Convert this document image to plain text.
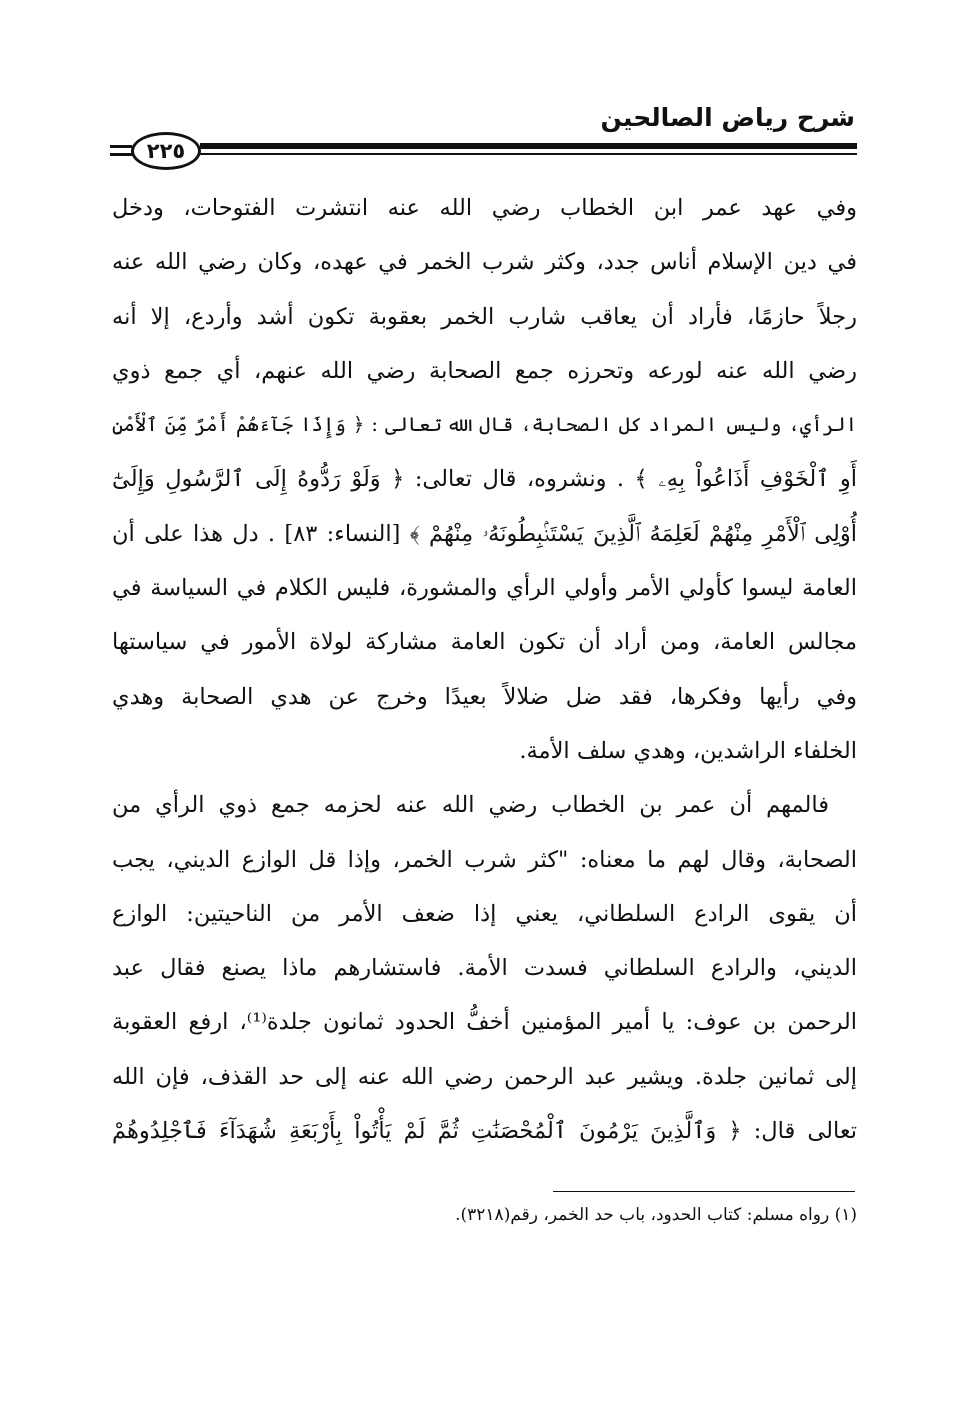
شرح رياض الصالحين
٢٢٥
وفي عهد عمر ابن الخطاب رضي الله عنه انتشرت الفتوحات، ودخل
في دين الإسلام أناس جدد، وكثر شرب الخمر في عهده، وكان رضي الله عنه
رجلاً حازمًا، فأراد أن يعاقب شارب الخمر بعقوبة تكون أشد وأردع، إلا أنه
رضي الله عنه لورعه وتحرزه جمع الصحابة رضي الله عنهم، أي جمع ذوي
الرأي، وليس المراد كل الصحابة، قال الله تعالى : ﴿ وَإِذَا جَآءَهُمْ أَمْرٌ مِّنَ ٱلْأَمْنِ
أَوِ ٱلْخَوْفِ أَذَاعُواْ بِهِۦ ﴾ . ونشروه، قال تعالى: ﴿ وَلَوْ رَدُّوهُ إِلَى ٱلرَّسُولِ وَإِلَىٰٓ
أُوْلِى ٱلْأَمْرِ مِنْهُمْ لَعَلِمَهُ ٱلَّذِينَ يَسْتَنۢبِطُونَهُۥ مِنْهُمْ ﴾ [النساء: ٨٣] . دل هذا على أن
العامة ليسوا كأولي الأمر وأولي الرأي والمشورة، فليس الكلام في السياسة في
مجالس العامة، ومن أراد أن تكون العامة مشاركة لولاة الأمور في سياستها
وفي رأيها وفكرها، فقد ضل ضلالاً بعيدًا وخرج عن هدي الصحابة وهدي
الخلفاء الراشدين، وهدي سلف الأمة.
فالمهم أن عمر بن الخطاب رضي الله عنه لحزمه جمع ذوي الرأي من
الصحابة، وقال لهم ما معناه: "كثر شرب الخمر، وإذا قل الوازع الديني، يجب
أن يقوى الرادع السلطاني، يعني إذا ضعف الأمر من الناحيتين: الوازع
الديني، والرادع السلطاني فسدت الأمة. فاستشارهم ماذا يصنع فقال عبد
الرحمن بن عوف: يا أمير المؤمنين أخفُّ الحدود ثمانون جلدة⁽¹⁾، ارفع العقوبة
إلى ثمانين جلدة. ويشير عبد الرحمن رضي الله عنه إلى حد القذف، فإن الله
تعالى قال: ﴿ وَٱلَّذِينَ يَرْمُونَ ٱلْمُحْصَنَٰتِ ثُمَّ لَمْ يَأْتُواْ بِأَرْبَعَةِ شُهَدَآءَ فَٱجْلِدُوهُمْ
(١) رواه مسلم: كتاب الحدود، باب حد الخمر، رقم(٣٢١٨).
